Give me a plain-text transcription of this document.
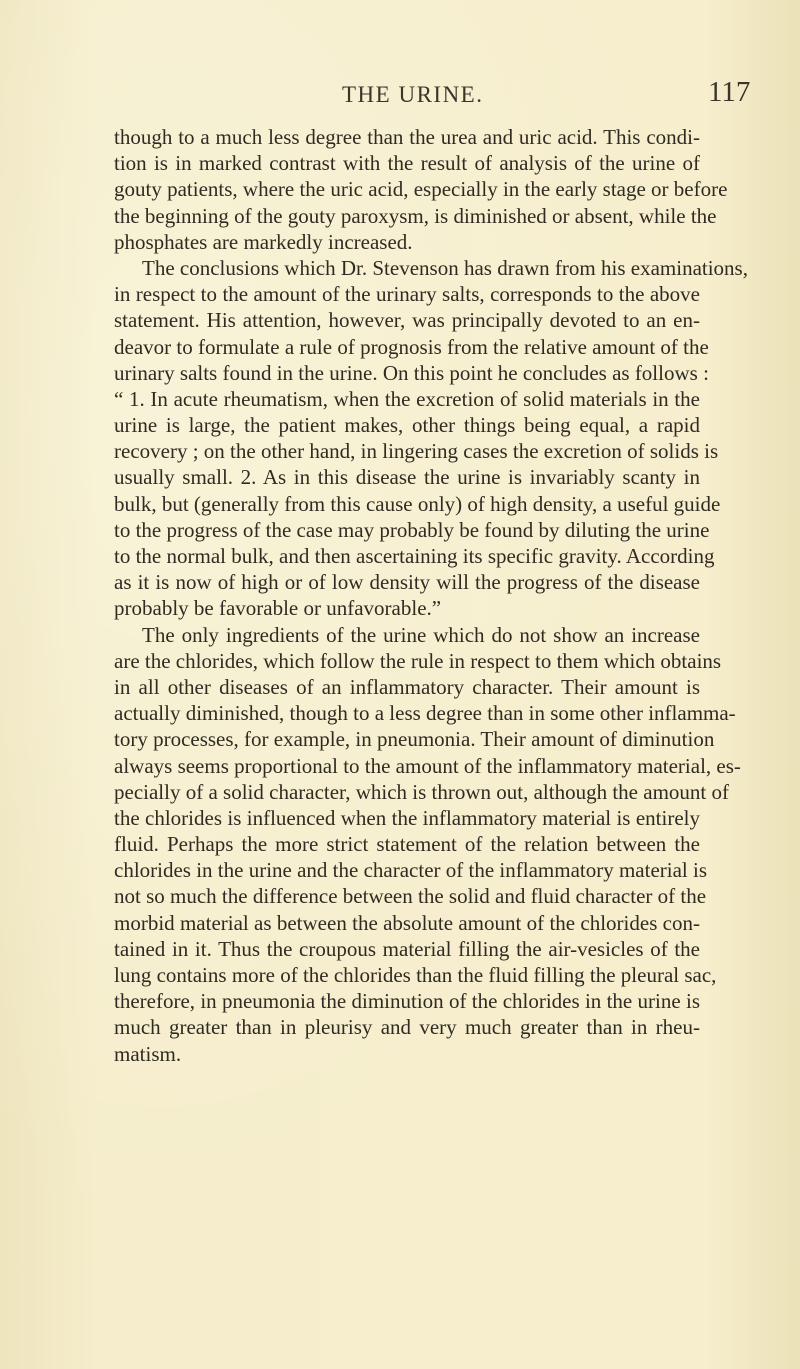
THE URINE.	117
though to a much less degree than the urea and uric acid. This condi-
tion is in marked contrast with the result of analysis of the urine of
gouty patients, where the uric acid, especially in the early stage or before
the beginning of the gouty paroxysm, is diminished or absent, while the
phosphates are markedly increased.
The conclusions which Dr. Stevenson has drawn from his examinations,
in respect to the amount of the urinary salts, corresponds to the above
statement. His attention, however, was principally devoted to an en-
deavor to formulate a rule of prognosis from the relative amount of the
urinary salts found in the urine. On this point he concludes as follows :
“ 1. In acute rheumatism, when the excretion of solid materials in the
urine is large, the patient makes, other things being equal, a rapid
recovery ; on the other hand, in lingering cases the excretion of solids is
usually small. 2. As in this disease the urine is invariably scanty in
bulk, but (generally from this cause only) of high density, a useful guide
to the progress of the case may probably be found by diluting the urine
to the normal bulk, and then ascertaining its specific gravity. According
as it is now of high or of low density will the progress of the disease
probably be favorable or unfavorable.”
The only ingredients of the urine which do not show an increase
are the chlorides, which follow the rule in respect to them which obtains
in all other diseases of an inflammatory character. Their amount is
actually diminished, though to a less degree than in some other inflamma-
tory processes, for example, in pneumonia. Their amount of diminution
always seems proportional to the amount of the inflammatory material, es-
pecially of a solid character, which is thrown out, although the amount of
the chlorides is influenced when the inflammatory material is entirely
fluid. Perhaps the more strict statement of the relation between the
chlorides in the urine and the character of the inflammatory material is
not so much the difference between the solid and fluid character of the
morbid material as between the absolute amount of the chlorides con-
tained in it. Thus the croupous material filling the air-vesicles of the
lung contains more of the chlorides than the fluid filling the pleural sac,
therefore, in pneumonia the diminution of the chlorides in the urine is
much greater than in pleurisy and very much greater than in rheu-
matism.
